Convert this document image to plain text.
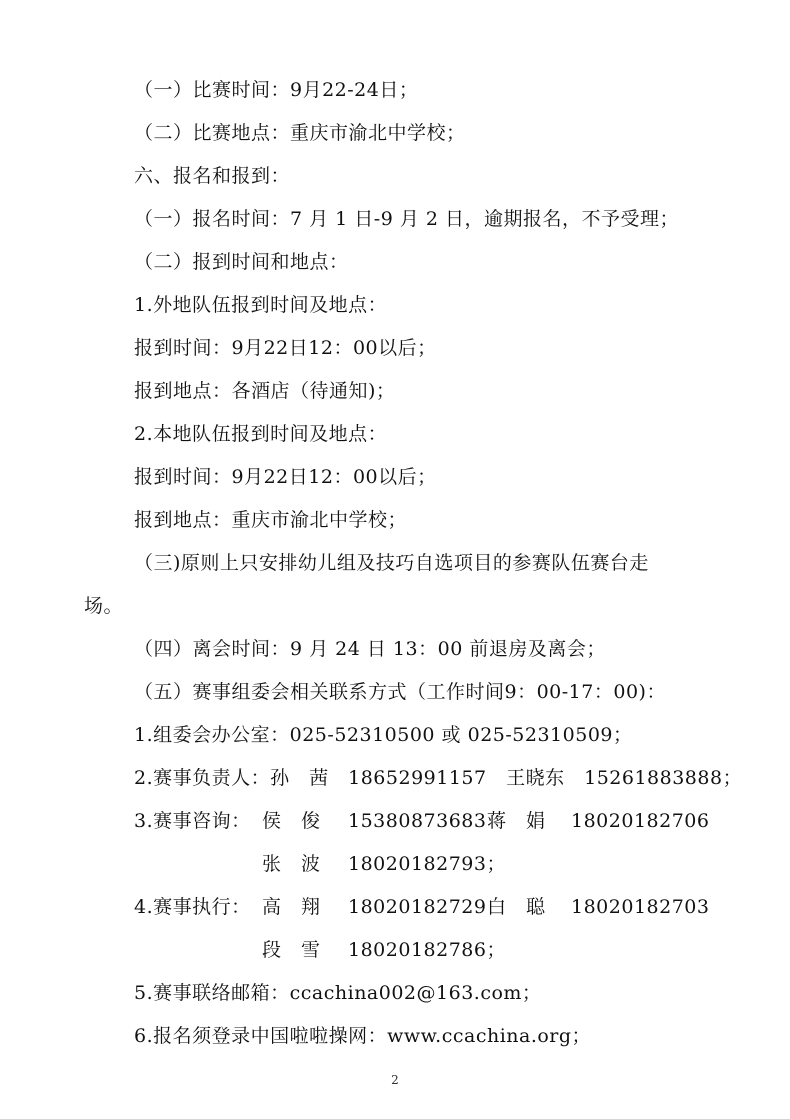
（一）比赛时间：9月22-24日；
（二）比赛地点：重庆市渝北中学校；
六、报名和报到：
（一）报名时间：7 月 1 日-9 月 2 日，逾期报名，不予受理；
（二）报到时间和地点：
1.外地队伍报到时间及地点：
报到时间：9月22日12：00以后；
报到地点：各酒店（待通知)；
2.本地队伍报到时间及地点：
报到时间：9月22日12：00以后；
报到地点：重庆市渝北中学校；
（三)原则上只安排幼儿组及技巧自选项目的参赛队伍赛台走
场。
（四）离会时间：9 月 24 日 13：00 前退房及离会；
（五）赛事组委会相关联系方式（工作时间9：00-17：00)：
1.组委会办公室：025-52310500 或 025-52310509；
2.赛事负责人：孙　茜　18652991157　王晓东　15261883888；
3.赛事咨询： 侯　俊 15380873683 蒋　娟 18020182706
张　波 18020182793；
4.赛事执行： 高　翔 18020182729 白　聪 18020182703
段　雪 18020182786；
5.赛事联络邮箱：ccachina002@163.com；
6.报名须登录中国啦啦操网：www.ccachina.org；
2
